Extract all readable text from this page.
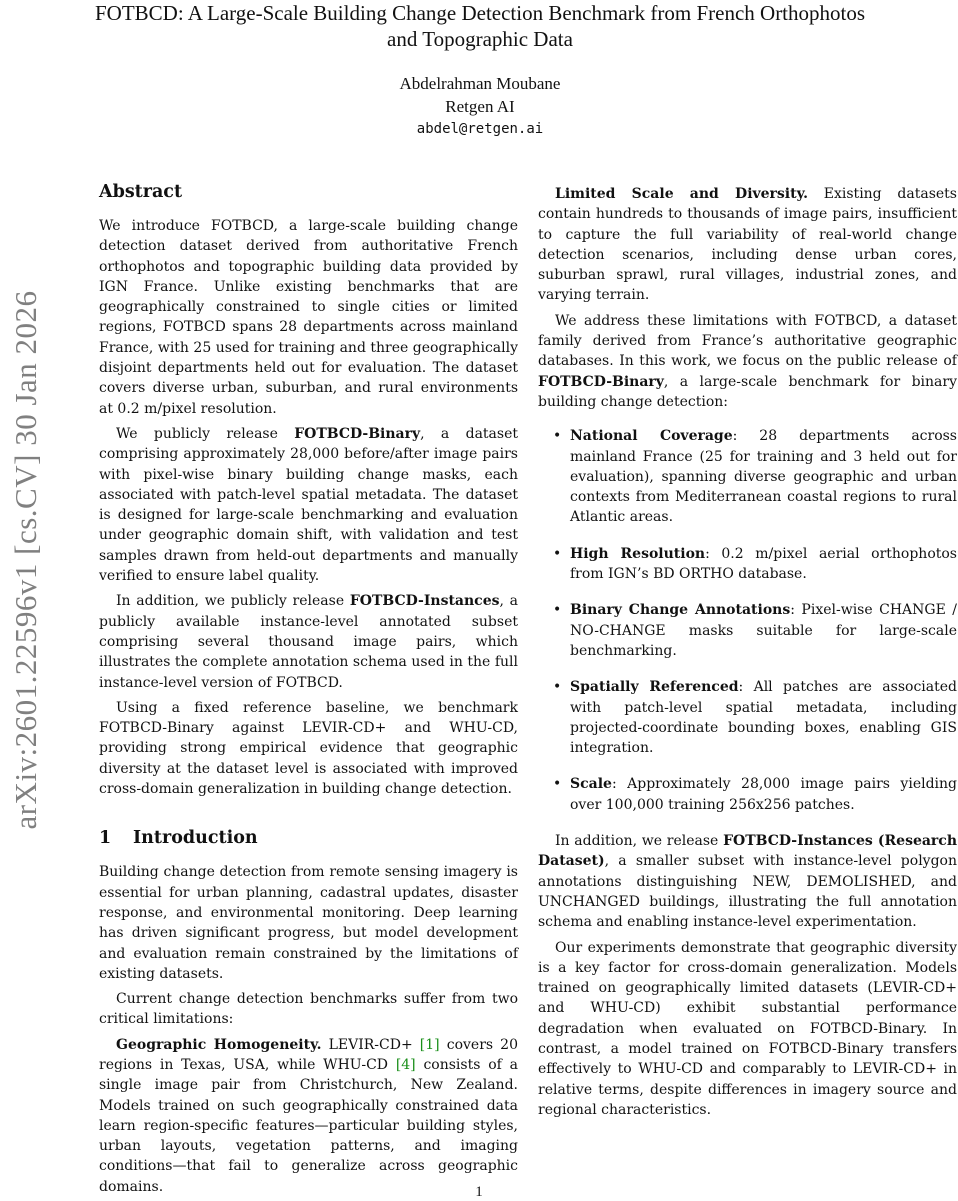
arXiv:2601.22596v1 [cs.CV] 30 Jan 2026
FOTBCD: A Large-Scale Building Change Detection Benchmark from French Orthophotos and Topographic Data
Abdelrahman Moubane
Retgen AI
abdel@retgen.ai
Abstract

We introduce FOTBCD, a large-scale building change detection dataset derived from authoritative French orthophotos and topographic building data provided by IGN France. Unlike existing benchmarks that are geographically constrained to single cities or limited regions, FOTBCD spans 28 departments across mainland France, with 25 used for training and three geographically disjoint departments held out for evaluation. The dataset covers diverse urban, suburban, and rural environments at 0.2 m/pixel resolution.

We publicly release FOTBCD-Binary, a dataset comprising approximately 28,000 before/after image pairs with pixel-wise binary building change masks, each associated with patch-level spatial metadata. The dataset is designed for large-scale benchmarking and evaluation under geographic domain shift, with validation and test samples drawn from held-out departments and manually verified to ensure label quality.

In addition, we publicly release FOTBCD-Instances, a publicly available instance-level annotated subset comprising several thousand image pairs, which illustrates the complete annotation schema used in the full instance-level version of FOTBCD.

Using a fixed reference baseline, we benchmark FOTBCD-Binary against LEVIR-CD+ and WHU-CD, providing strong empirical evidence that geographic diversity at the dataset level is associated with improved cross-domain generalization in building change detection.

1 Introduction

Building change detection from remote sensing imagery is essential for urban planning, cadastral updates, disaster response, and environmental monitoring. Deep learning has driven significant progress, but model development and evaluation remain constrained by the limitations of existing datasets.

Current change detection benchmarks suffer from two critical limitations:

Geographic Homogeneity. LEVIR-CD+ [1] covers 20 regions in Texas, USA, while WHU-CD [4] consists of a single image pair from Christchurch, New Zealand. Models trained on such geographically constrained data learn region-specific features—particular building styles, urban layouts, vegetation patterns, and imaging conditions—that fail to generalize across geographic domains.

Limited Scale and Diversity. Existing datasets contain hundreds to thousands of image pairs, insufficient to capture the full variability of real-world change detection scenarios, including dense urban cores, suburban sprawl, rural villages, industrial zones, and varying terrain.

We address these limitations with FOTBCD, a dataset family derived from France’s authoritative geographic databases. In this work, we focus on the public release of FOTBCD-Binary, a large-scale benchmark for binary building change detection:

• National Coverage: 28 departments across mainland France (25 for training and 3 held out for evaluation), spanning diverse geographic and urban contexts from Mediterranean coastal regions to rural Atlantic areas.
• High Resolution: 0.2 m/pixel aerial orthophotos from IGN’s BD ORTHO database.
• Binary Change Annotations: Pixel-wise CHANGE / NO-CHANGE masks suitable for large-scale benchmarking.
• Spatially Referenced: All patches are associated with patch-level spatial metadata, including projected-coordinate bounding boxes, enabling GIS integration.
• Scale: Approximately 28,000 image pairs yielding over 100,000 training 256x256 patches.

In addition, we release FOTBCD-Instances (Research Dataset), a smaller subset with instance-level polygon annotations distinguishing NEW, DEMOLISHED, and UNCHANGED buildings, illustrating the full annotation schema and enabling instance-level experimentation.

Our experiments demonstrate that geographic diversity is a key factor for cross-domain generalization. Models trained on geographically limited datasets (LEVIR-CD+ and WHU-CD) exhibit substantial performance degradation when evaluated on FOTBCD-Binary. In contrast, a model trained on FOTBCD-Binary transfers effectively to WHU-CD and comparably to LEVIR-CD+ in relative terms, despite differences in imagery source and regional characteristics.

1
